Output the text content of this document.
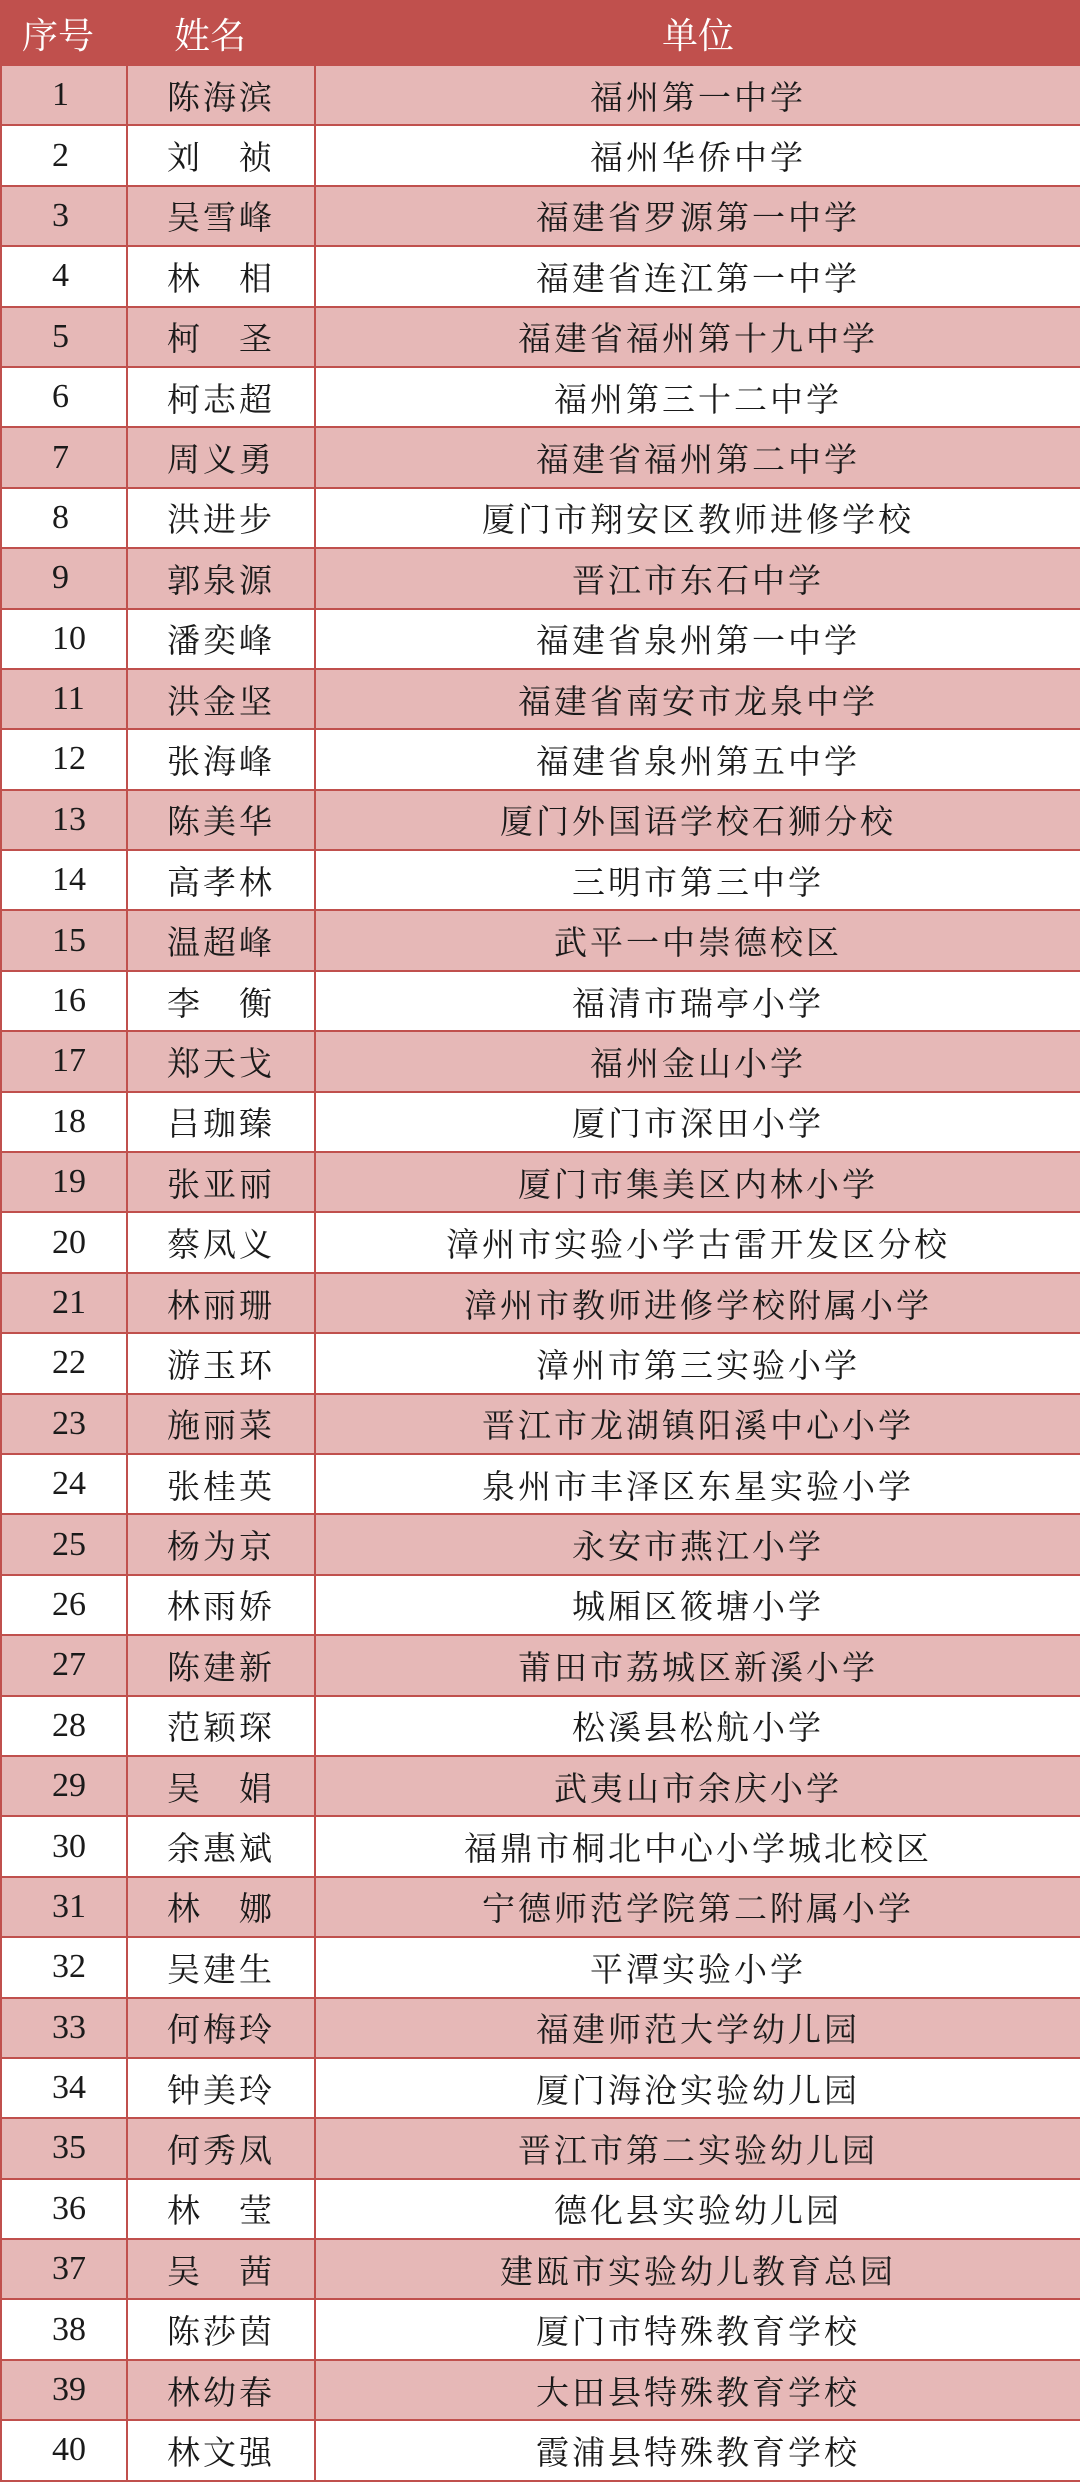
序号	姓名	单位
1	陈海滨	福州第一中学
2	刘　祯	福州华侨中学
3	吴雪峰	福建省罗源第一中学
4	林　相	福建省连江第一中学
5	柯　圣	福建省福州第十九中学
6	柯志超	福州第三十二中学
7	周义勇	福建省福州第二中学
8	洪进步	厦门市翔安区教师进修学校
9	郭泉源	晋江市东石中学
10	潘奕峰	福建省泉州第一中学
11	洪金坚	福建省南安市龙泉中学
12	张海峰	福建省泉州第五中学
13	陈美华	厦门外国语学校石狮分校
14	高孝林	三明市第三中学
15	温超峰	武平一中崇德校区
16	李　衡	福清市瑞亭小学
17	郑天戈	福州金山小学
18	吕珈臻	厦门市深田小学
19	张亚丽	厦门市集美区内林小学
20	蔡凤义	漳州市实验小学古雷开发区分校
21	林丽珊	漳州市教师进修学校附属小学
22	游玉环	漳州市第三实验小学
23	施丽菜	晋江市龙湖镇阳溪中心小学
24	张桂英	泉州市丰泽区东星实验小学
25	杨为京	永安市燕江小学
26	林雨娇	城厢区筱塘小学
27	陈建新	莆田市荔城区新溪小学
28	范颖琛	松溪县松航小学
29	吴　娟	武夷山市余庆小学
30	余惠斌	福鼎市桐北中心小学城北校区
31	林　娜	宁德师范学院第二附属小学
32	吴建生	平潭实验小学
33	何梅玲	福建师范大学幼儿园
34	钟美玲	厦门海沧实验幼儿园
35	何秀凤	晋江市第二实验幼儿园
36	林　莹	德化县实验幼儿园
37	吴　茜	建瓯市实验幼儿教育总园
38	陈莎茵	厦门市特殊教育学校
39	林幼春	大田县特殊教育学校
40	林文强	霞浦县特殊教育学校
